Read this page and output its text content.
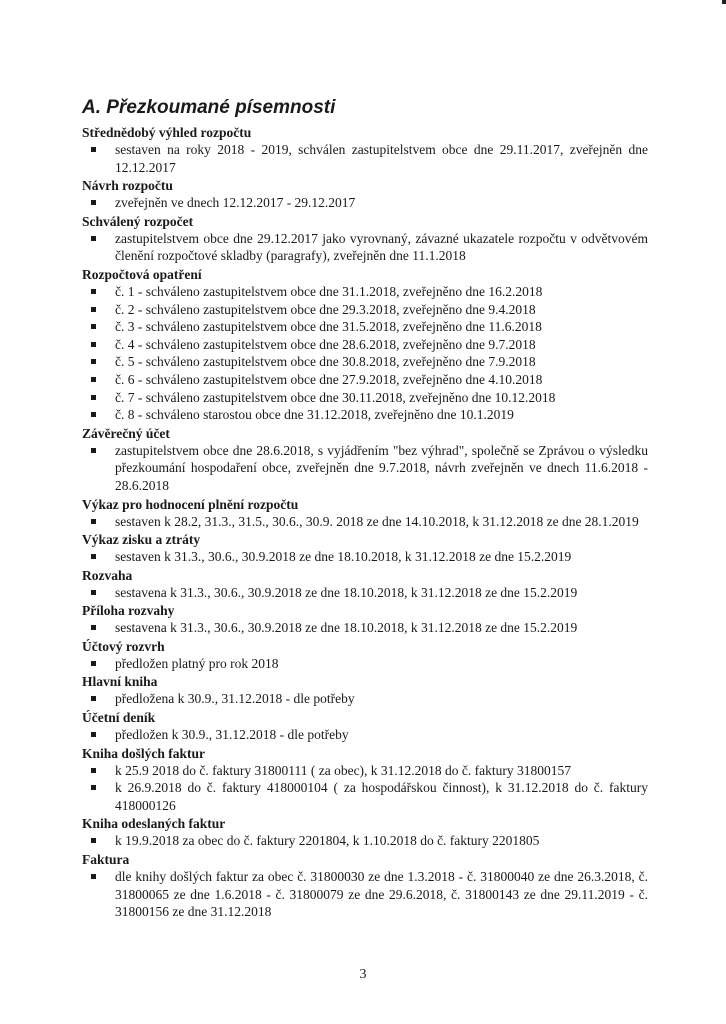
A. Přezkoumané písemnosti
Střednědobý výhled rozpočtu
sestaven na roky 2018 - 2019, schválen zastupitelstvem obce dne 29.11.2017, zveřejněn dne 12.12.2017
Návrh rozpočtu
zveřejněn ve dnech 12.12.2017 - 29.12.2017
Schválený rozpočet
zastupitelstvem obce dne 29.12.2017 jako vyrovnaný, závazné ukazatele rozpočtu v odvětvovém členění rozpočtové skladby (paragrafy), zveřejněn dne 11.1.2018
Rozpočtová opatření
č. 1 - schváleno zastupitelstvem obce dne 31.1.2018, zveřejněno dne 16.2.2018
č. 2 - schváleno zastupitelstvem obce dne 29.3.2018, zveřejněno dne 9.4.2018
č. 3 - schváleno zastupitelstvem obce dne 31.5.2018, zveřejněno dne 11.6.2018
č. 4 - schváleno zastupitelstvem obce dne 28.6.2018, zveřejněno dne 9.7.2018
č. 5 - schváleno zastupitelstvem obce dne 30.8.2018, zveřejněno dne 7.9.2018
č. 6 - schváleno zastupitelstvem obce dne 27.9.2018, zveřejněno dne 4.10.2018
č. 7 - schváleno zastupitelstvem obce dne 30.11.2018, zveřejněno dne 10.12.2018
č. 8 - schváleno starostou obce dne 31.12.2018, zveřejněno dne 10.1.2019
Závěrečný účet
zastupitelstvem obce dne 28.6.2018, s vyjádřením "bez výhrad", společně se Zprávou o výsledku přezkoumání hospodaření obce, zveřejněn dne 9.7.2018, návrh zveřejněn ve dnech 11.6.2018 - 28.6.2018
Výkaz pro hodnocení plnění rozpočtu
sestaven k 28.2, 31.3., 31.5., 30.6., 30.9. 2018 ze dne 14.10.2018, k 31.12.2018 ze dne 28.1.2019
Výkaz zisku a ztráty
sestaven k 31.3., 30.6., 30.9.2018 ze dne 18.10.2018, k 31.12.2018 ze dne 15.2.2019
Rozvaha
sestavena k 31.3., 30.6., 30.9.2018 ze dne 18.10.2018, k 31.12.2018 ze dne 15.2.2019
Příloha rozvahy
sestavena k 31.3., 30.6., 30.9.2018 ze dne 18.10.2018, k 31.12.2018 ze dne 15.2.2019
Účtový rozvrh
předložen platný pro rok 2018
Hlavní kniha
předložena k 30.9., 31.12.2018 - dle potřeby
Účetní deník
předložen k 30.9., 31.12.2018 - dle potřeby
Kniha došlých faktur
k 25.9 2018 do č. faktury 31800111 ( za obec), k 31.12.2018 do č. faktury 31800157
k 26.9.2018 do č. faktury 418000104 ( za hospodářskou činnost), k 31.12.2018 do č. faktury 418000126
Kniha odeslaných faktur
k 19.9.2018 za obec do č. faktury 2201804, k 1.10.2018 do č. faktury 2201805
Faktura
dle knihy došlých faktur za obec č. 31800030 ze dne 1.3.2018 - č. 31800040 ze dne 26.3.2018, č. 31800065 ze dne 1.6.2018 - č. 31800079 ze dne 29.6.2018, č. 31800143 ze dne 29.11.2019 - č. 31800156 ze dne 31.12.2018
3
